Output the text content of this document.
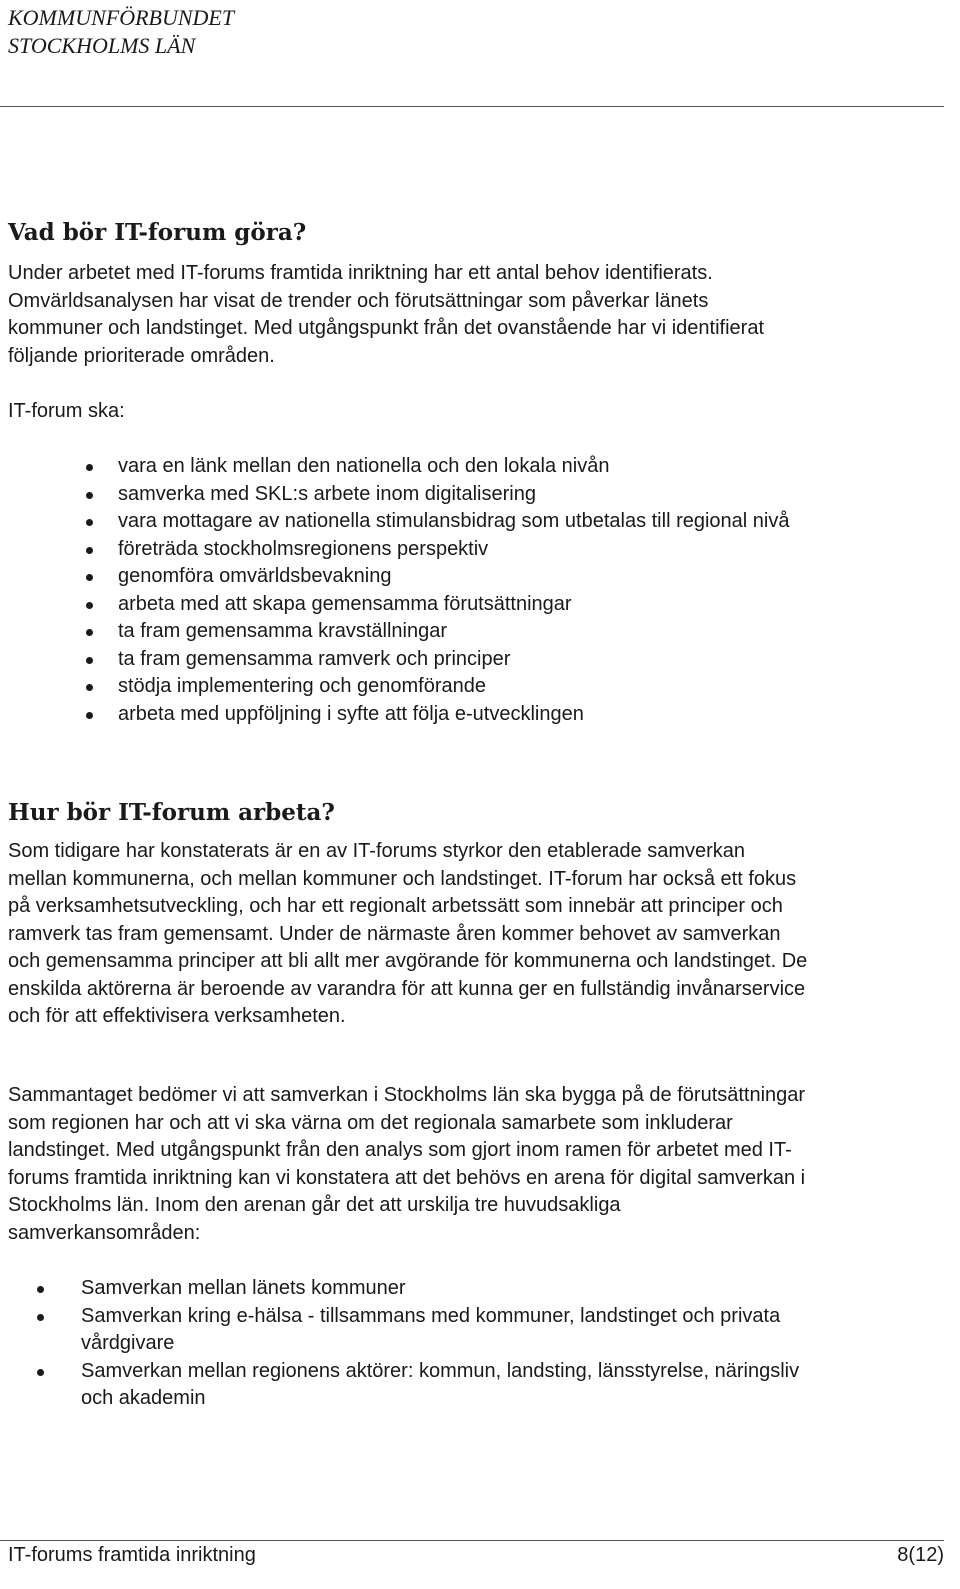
KOMMUNFÖRBUNDET
STOCKHOLMS LÄN
Vad bör IT-forum göra?

Under arbetet med IT-forums framtida inriktning har ett antal behov identifierats. Omvärldsanalysen har visat de trender och förutsättningar som påverkar länets kommuner och landstinget. Med utgångspunkt från det ovanstående har vi identifierat följande prioriterade områden.

IT-forum ska:

vara en länk mellan den nationella och den lokala nivån
samverka med SKL:s arbete inom digitalisering
vara mottagare av nationella stimulansbidrag som utbetalas till regional nivå
företräda stockholmsregionens perspektiv
genomföra omvärldsbevakning
arbeta med att skapa gemensamma förutsättningar
ta fram gemensamma kravställningar
ta fram gemensamma ramverk och principer
stödja implementering och genomförande
arbeta med uppföljning i syfte att följa e-utvecklingen
Hur bör IT-forum arbeta?

Som tidigare har konstaterats är en av IT-forums styrkor den etablerade samverkan mellan kommunerna, och mellan kommuner och landstinget. IT-forum har också ett fokus på verksamhetsutveckling, och har ett regionalt arbetssätt som innebär att principer och ramverk tas fram gemensamt. Under de närmaste åren kommer behovet av samverkan och gemensamma principer att bli allt mer avgörande för kommunerna och landstinget. De enskilda aktörerna är beroende av varandra för att kunna ger en fullständig invånarservice och för att effektivisera verksamheten.

Sammantaget bedömer vi att samverkan i Stockholms län ska bygga på de förutsättningar som regionen har och att vi ska värna om det regionala samarbete som inkluderar landstinget. Med utgångspunkt från den analys som gjort inom ramen för arbetet med IT-forums framtida inriktning kan vi konstatera att det behövs en arena för digital samverkan i Stockholms län. Inom den arenan går det att urskilja tre huvudsakliga samverkansområden:

Samverkan mellan länets kommuner
Samverkan kring e-hälsa - tillsammans med kommuner, landstinget och privata vårdgivare
Samverkan mellan regionens aktörer: kommun, landsting, länsstyrelse, näringsliv och akademin
IT-forums framtida inriktning	8(12)
